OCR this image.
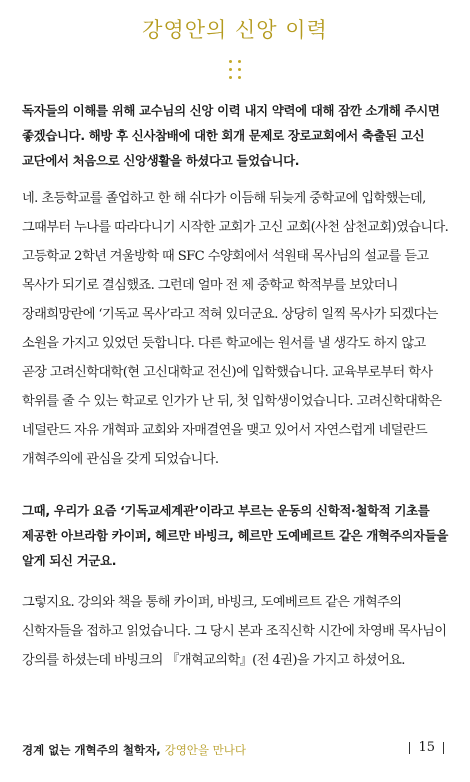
강영안의 신앙 이력

독자들의 이해를 위해 교수님의 신앙 이력 내지 약력에 대해 잠깐 소개해 주시면 좋겠습니다. 해방 후 신사참배에 대한 회개 문제로 장로교회에서 축출된 고신 교단에서 처음으로 신앙생활을 하셨다고 들었습니다.

네. 초등학교를 졸업하고 한 해 쉬다가 이듬해 뒤늦게 중학교에 입학했는데, 그때부터 누나를 따라다니기 시작한 교회가 고신 교회(사천 삼천교회)였습니다. 고등학교 2학년 겨울방학 때 SFC 수양회에서 석원태 목사님의 설교를 듣고 목사가 되기로 결심했죠. 그런데 얼마 전 제 중학교 학적부를 보았더니 장래희망란에 ‘기독교 목사’라고 적혀 있더군요. 상당히 일찍 목사가 되겠다는 소원을 가지고 있었던 듯합니다. 다른 학교에는 원서를 낼 생각도 하지 않고 곧장 고려신학대학(현 고신대학교 전신)에 입학했습니다. 교육부로부터 학사 학위를 줄 수 있는 학교로 인가가 난 뒤, 첫 입학생이었습니다. 고려신학대학은 네덜란드 자유 개혁파 교회와 자매결연을 맺고 있어서 자연스럽게 네덜란드 개혁주의에 관심을 갖게 되었습니다.

그때, 우리가 요즘 ‘기독교세계관’이라고 부르는 운동의 신학적·철학적 기초를 제공한 아브라함 카이퍼, 헤르만 바빙크, 헤르만 도예베르트 같은 개혁주의자들을 알게 되신 거군요.

그렇지요. 강의와 책을 통해 카이퍼, 바빙크, 도예베르트 같은 개혁주의 신학자들을 접하고 읽었습니다. 그 당시 본과 조직신학 시간에 차영배 목사님이 강의를 하셨는데 바빙크의 『개혁교의학』(전 4권)을 가지고 하셨어요.

경계 없는 개혁주의 철학자, 강영안을 만나다	15
